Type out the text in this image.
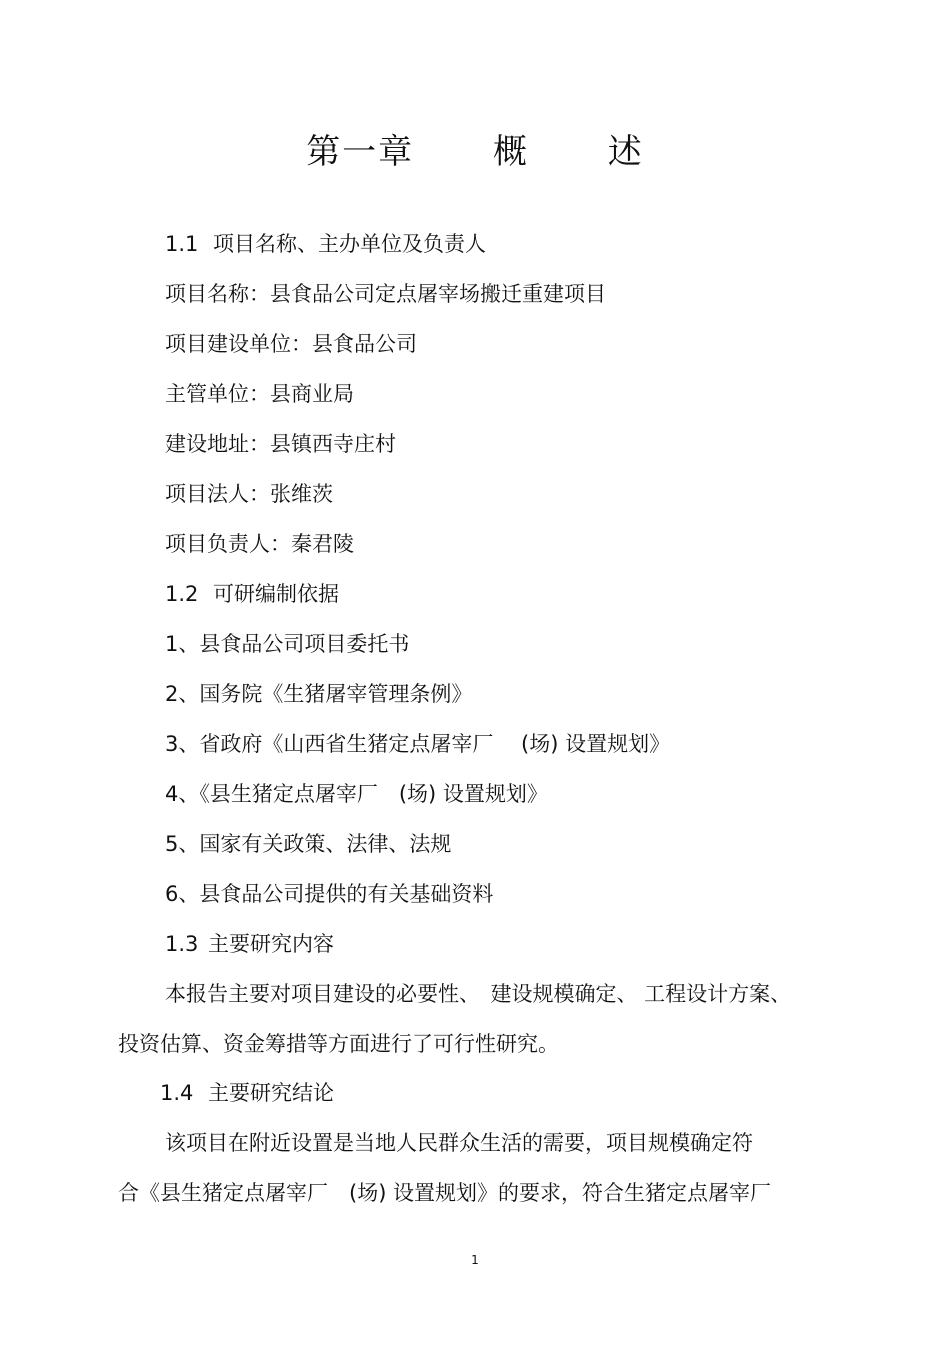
第一章　 概　 述
1.1 项目名称、主办单位及负责人
项目名称：县食品公司定点屠宰场搬迁重建项目
项目建设单位：县食品公司
主管单位：县商业局
建设地址：县镇西寺庄村
项目法人：张维茨
项目负责人：秦君陵
1.2 可研编制依据
1、县食品公司项目委托书
2、国务院《生猪屠宰管理条例》
3、省政府《山西省生猪定点屠宰厂　 (场) 设置规划》
4、《县生猪定点屠宰厂　(场) 设置规划》
5、国家有关政策、法律、法规
6、县食品公司提供的有关基础资料
1.3 主要研究内容
本报告主要对项目建设的必要性、　建设规模确定、 工程设计方案、
投资估算、资金筹措等方面进行了可行性研究。
1.4 主要研究结论
该项目在附近设置是当地人民群众生活的需要，项目规模确定符
合《县生猪定点屠宰厂　(场) 设置规划》的要求，符合生猪定点屠宰厂
1
